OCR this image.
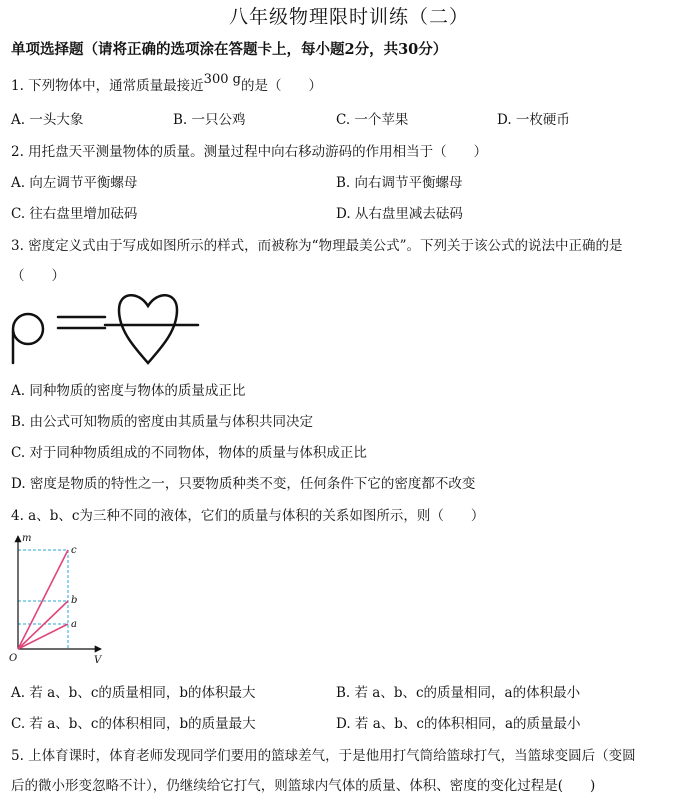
八年级物理限时训练（二）
单项选择题（请将正确的选项涂在答题卡上，每小题2分，共30分）
1. 下列物体中，通常质量最接近300 g的是（　　）
A. 一头大象	B. 一只公鸡	C. 一个苹果	D. 一枚硬币
2. 用托盘天平测量物体的质量。测量过程中向右移动游码的作用相当于（　　）
A. 向左调节平衡螺母	B. 向右调节平衡螺母
C. 往右盘里增加砝码	D. 从右盘里减去砝码
3. 密度定义式由于写成如图所示的样式，而被称为“物理最美公式”。下列关于该公式的说法中正确的是
（　　）
A. 同种物质的密度与物体的质量成正比
B. 由公式可知物质的密度由其质量与体积共同决定
C. 对于同种物质组成的不同物体，物体的质量与体积成正比
D. 密度是物质的特性之一，只要物质种类不变，任何条件下它的密度都不改变
4. a、b、c为三种不同的液体，它们的质量与体积的关系如图所示，则（　　）
m
V
O
c
b
a
A. 若 a、b、c的质量相同，b的体积最大	B. 若 a、b、c的质量相同，a的体积最小
C. 若 a、b、c的体积相同，b的质量最大	D. 若 a、b、c的体积相同，a的质量最小
5. 上体育课时，体育老师发现同学们要用的篮球差气，于是他用打气筒给篮球打气，当篮球变圆后（变圆
后的微小形变忽略不计），仍继续给它打气，则篮球内气体的质量、体积、密度的变化过程是(　　)
